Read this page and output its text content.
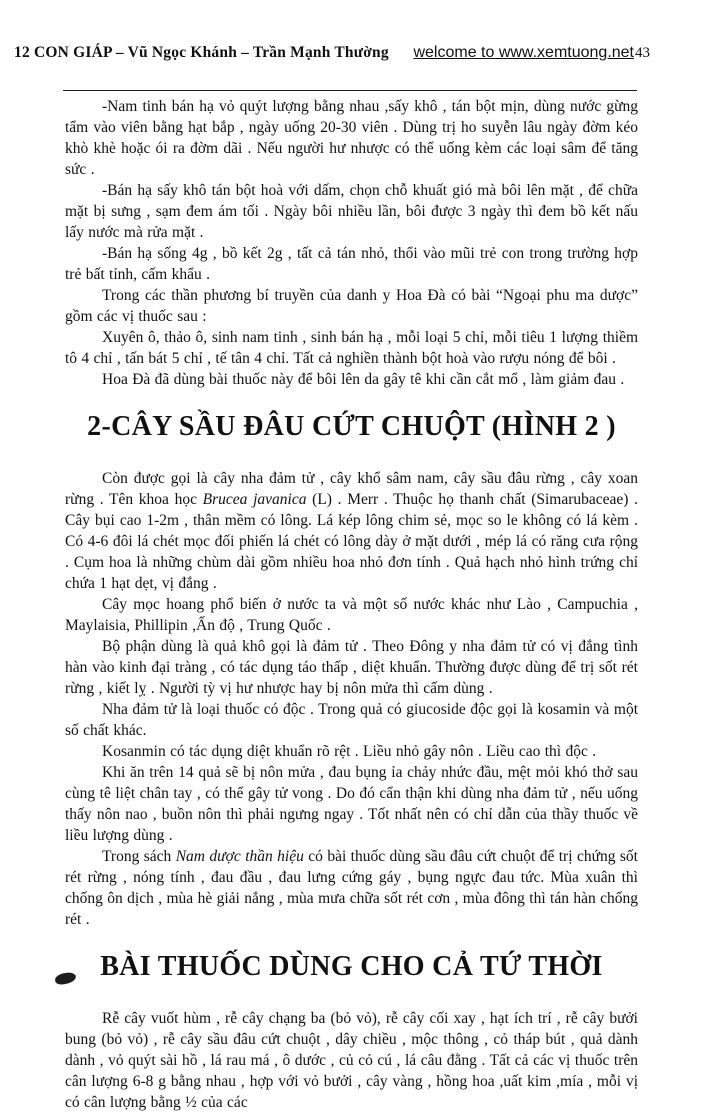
12 CON GIÁP – Vũ Ngọc Khánh – Trần Mạnh Thường welcome to www.xemtuong.net 43

-Nam tinh bán hạ vỏ quýt lượng bằng nhau ,sấy khô , tán bột mịn, dùng nước gừng tẩm vào viên bằng hạt bắp , ngày uống 20-30 viên . Dùng trị ho suyễn lâu ngày đờm kéo khò khè hoặc ói ra đờm dãi . Nếu người hư nhược có thể uống kèm các loại sâm để tăng sức .

-Bán hạ sấy khô tán bột hoà với dấm, chọn chỗ khuất gió mà bôi lên mặt , để chữa mặt bị sưng , sạm đem ám tối . Ngày bôi nhiều lần, bôi được 3 ngày thì đem bồ kết nấu lấy nước mà rửa mặt .

-Bán hạ sống 4g , bồ kết 2g , tất cả tán nhỏ, thổi vào mũi trẻ con trong trường hợp trẻ bất tỉnh, cấm khẩu .

Trong các thần phương bí truyền của danh y Hoa Đà có bài “Ngoại phu ma dược” gồm các vị thuốc sau :

Xuyên ô, thảo ô, sinh nam tinh , sinh bán hạ , mỗi loại 5 chỉ, mỗi tiêu 1 lượng thiềm tô 4 chỉ , tấn bát 5 chỉ , tế tân 4 chỉ. Tất cả nghiền thành bột hoà vào rượu nóng để bôi .

Hoa Đà đã dùng bài thuốc này để bôi lên da gây tê khi cần cắt mổ , làm giảm đau .

2-CÂY SẦU ĐÂU CỨT CHUỘT (HÌNH 2 )

Còn được gọi là cây nha đảm tử , cây khổ sâm nam, cây sầu đâu rừng , cây xoan rừng . Tên khoa học Brucea javanica (L) . Merr . Thuộc họ thanh chất (Simarubaceae) . Cây bụi cao 1-2m , thân mềm có lông. Lá kép lông chim sẻ, mọc so le không có lá kèm . Có 4-6 đôi lá chét mọc đối phiến lá chét có lông dày ở mặt dưới , mép lá có răng cưa rộng . Cụm hoa là những chùm dài gồm nhiều hoa nhỏ đơn tính . Quả hạch nhỏ hình trứng chỉ chứa 1 hạt dẹt, vị đắng .

Cây mọc hoang phổ biến ở nước ta và một số nước khác như Lào , Campuchia , Maylaisia, Phillipin ,Ấn độ , Trung Quốc .

Bộ phận dùng là quả khô gọi là đảm tử . Theo Đông y nha đảm tử có vị đắng tình hàn vào kinh đại tràng , có tác dụng táo thấp , diệt khuẩn. Thường được dùng để trị sốt rét rừng , kiết lỵ . Người tỳ vị hư nhược hay bị nôn mửa thì cấm dùng .

Nha đảm tử là loại thuốc có độc . Trong quả có giucoside độc gọi là kosamin và một số chất khác.

Kosanmin có tác dụng diệt khuẩn rõ rệt . Liều nhỏ gây nôn . Liều cao thì độc .

Khi ăn trên 14 quả sẽ bị nôn mửa , đau bụng ỉa chảy nhức đầu, mệt mỏi khó thở sau cùng tê liệt chân tay , có thể gây tử vong . Do đó cẩn thận khi dùng nha đảm tử , nếu uống thấy nôn nao , buồn nôn thì phải ngưng ngay . Tốt nhất nên có chỉ dẫn của thầy thuốc về liều lượng dùng .

Trong sách Nam dược thần hiệu có bài thuốc dùng sầu đâu cứt chuột để trị chứng sốt rét rừng , nóng tính , đau đầu , đau lưng cứng gáy , bụng ngực đau tức. Mùa xuân thì chống ôn dịch , mùa hè giải nắng , mùa mưa chữa sốt rét cơn , mùa đông thì tán hàn chống rét .

BÀI THUỐC DÙNG CHO CẢ TỨ THỜI

Rễ cây vuốt hùm , rễ cây chạng ba (bỏ vỏ), rễ cây cối xay , hạt ích trí , rễ cây bưởi bung (bỏ vỏ) , rễ cây sầu đâu cứt chuột , dây chiều , mộc thông , cỏ tháp bút , quả dành dành , vỏ quýt sài hồ , lá rau má , ô dước , củ cỏ cú , lá câu đằng . Tất cả các vị thuốc trên cân lượng 6-8 g bằng nhau , hợp với vỏ bưởi , cây vàng , hồng hoa ,uất kim ,mía , mỗi vị có cân lượng bằng ½ của các
